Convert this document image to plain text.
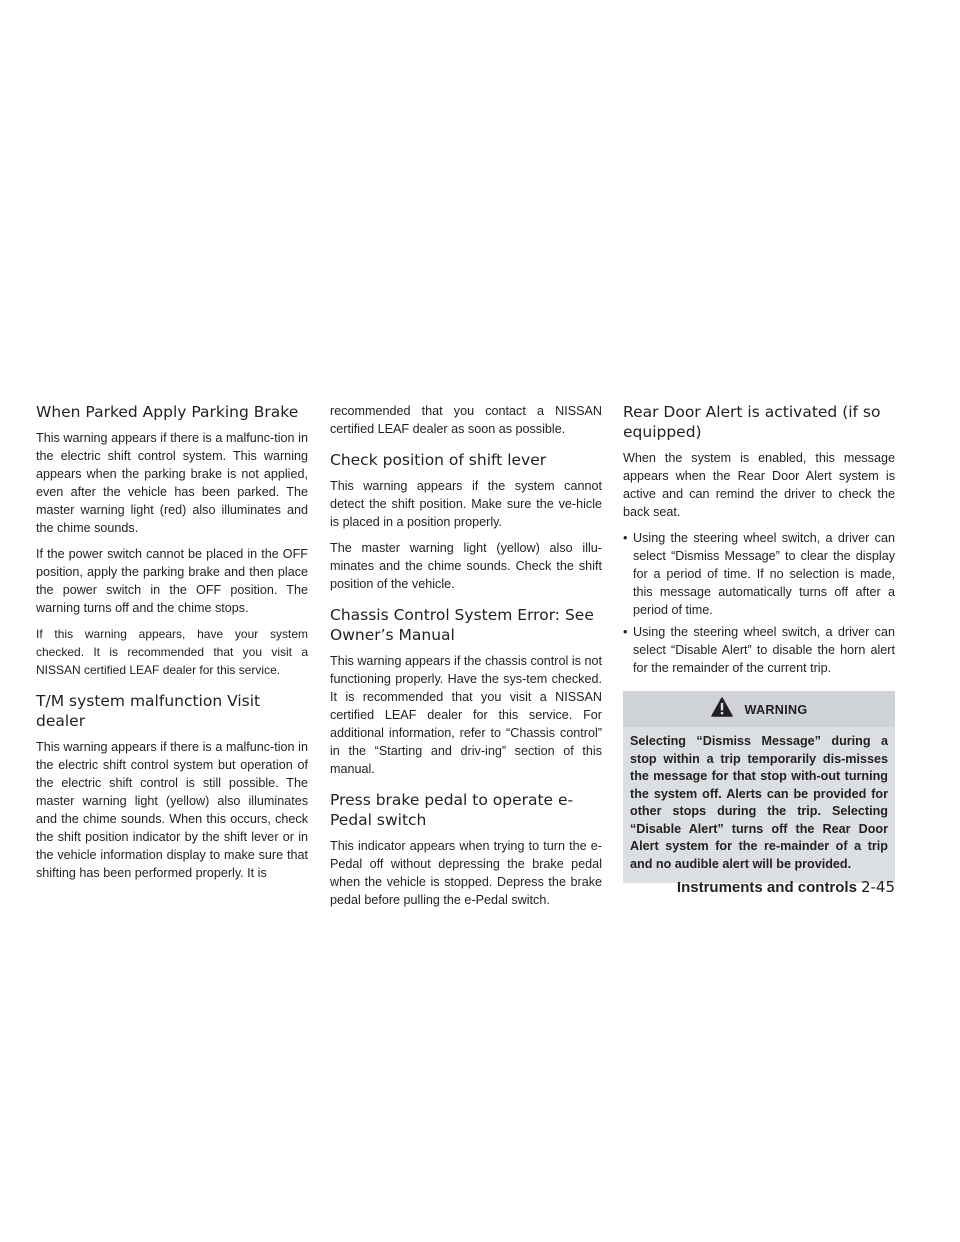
When Parked Apply Parking Brake

This warning appears if there is a malfunc-tion in the electric shift control system. This warning appears when the parking brake is not applied, even after the vehicle has been parked. The master warning light (red) also illuminates and the chime sounds.

If the power switch cannot be placed in the OFF position, apply the parking brake and then place the power switch in the OFF position. The warning turns off and the chime stops.

If this warning appears, have your system checked. It is recommended that you visit a NISSAN certified LEAF dealer for this service.

T/M system malfunction Visit dealer

This warning appears if there is a malfunc-tion in the electric shift control system but operation of the electric shift control is still possible. The master warning light (yellow) also illuminates and the chime sounds. When this occurs, check the shift position indicator by the shift lever or in the vehicle information display to make sure that shifting has been performed properly. It is

recommended that you contact a NISSAN certified LEAF dealer as soon as possible.

Check position of shift lever

This warning appears if the system cannot detect the shift position. Make sure the ve-hicle is placed in a position properly.

The master warning light (yellow) also illu-minates and the chime sounds. Check the shift position of the vehicle.

Chassis Control System Error: See Owner’s Manual

This warning appears if the chassis control is not functioning properly. Have the sys-tem checked. It is recommended that you visit a NISSAN certified LEAF dealer for this service. For additional information, refer to “Chassis control” in the “Starting and driv-ing” section of this manual.

Press brake pedal to operate e-Pedal switch

This indicator appears when trying to turn the e-Pedal off without depressing the brake pedal when the vehicle is stopped. Depress the brake pedal before pulling the e-Pedal switch.

Rear Door Alert is activated (if so equipped)

When the system is enabled, this message appears when the Rear Door Alert system is active and can remind the driver to check the back seat.

• Using the steering wheel switch, a driver can select “Dismiss Message” to clear the display for a period of time. If no selection is made, this message automatically turns off after a period of time.
• Using the steering wheel switch, a driver can select “Disable Alert” to disable the horn alert for the remainder of the current trip.
WARNING
Selecting “Dismiss Message” during a stop within a trip temporarily dis-misses the message for that stop with-out turning the system off. Alerts can be provided for other stops during the trip. Selecting “Disable Alert” turns off the Rear Door Alert system for the re-mainder of a trip and no audible alert will be provided.
Instruments and controls 2-45
